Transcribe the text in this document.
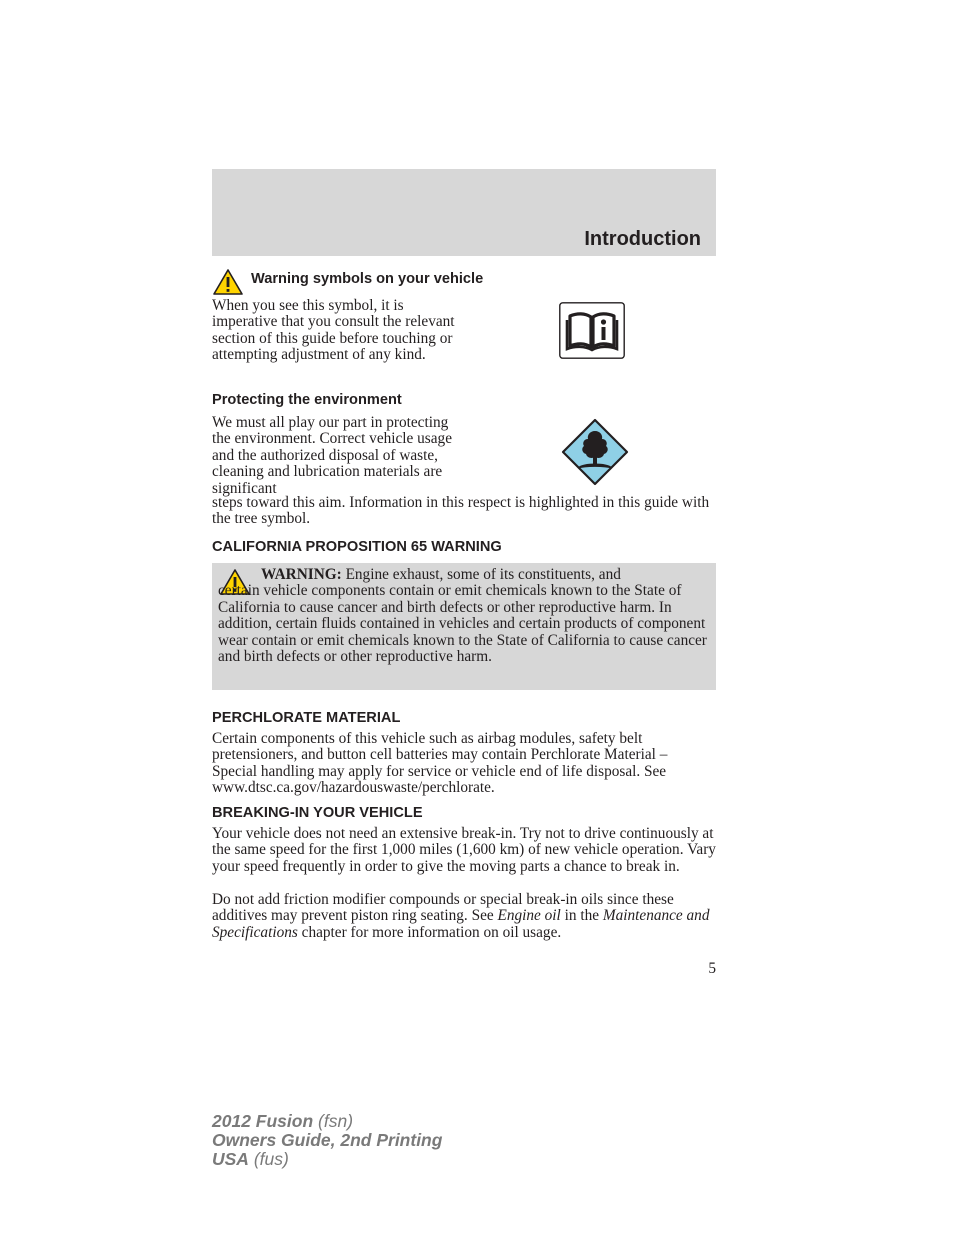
Introduction
Warning symbols on your vehicle

When you see this symbol, it is imperative that you consult the relevant section of this guide before touching or attempting adjustment of any kind.

Protecting the environment

We must all play our part in protecting the environment. Correct vehicle usage and the authorized disposal of waste, cleaning and lubrication materials are significant

steps toward this aim. Information in this respect is highlighted in this guide with the tree symbol.

CALIFORNIA PROPOSITION 65 WARNING

WARNING: Engine exhaust, some of its constituents, and
certain vehicle components contain or emit chemicals known to the State of California to cause cancer and birth defects or other reproductive harm. In addition, certain fluids contained in vehicles and certain products of component wear contain or emit chemicals known to the State of California to cause cancer and birth defects or other reproductive harm.

PERCHLORATE MATERIAL

Certain components of this vehicle such as airbag modules, safety belt pretensioners, and button cell batteries may contain Perchlorate Material – Special handling may apply for service or vehicle end of life disposal. See www.dtsc.ca.gov/hazardouswaste/perchlorate.

BREAKING-IN YOUR VEHICLE

Your vehicle does not need an extensive break-in. Try not to drive continuously at the same speed for the first 1,000 miles (1,600 km) of new vehicle operation. Vary your speed frequently in order to give the moving parts a chance to break in.

Do not add friction modifier compounds or special break-in oils since these additives may prevent piston ring seating. See Engine oil in the Maintenance and Specifications chapter for more information on oil usage.

5
2012 Fusion (fsn)
Owners Guide, 2nd Printing
USA (fus)
